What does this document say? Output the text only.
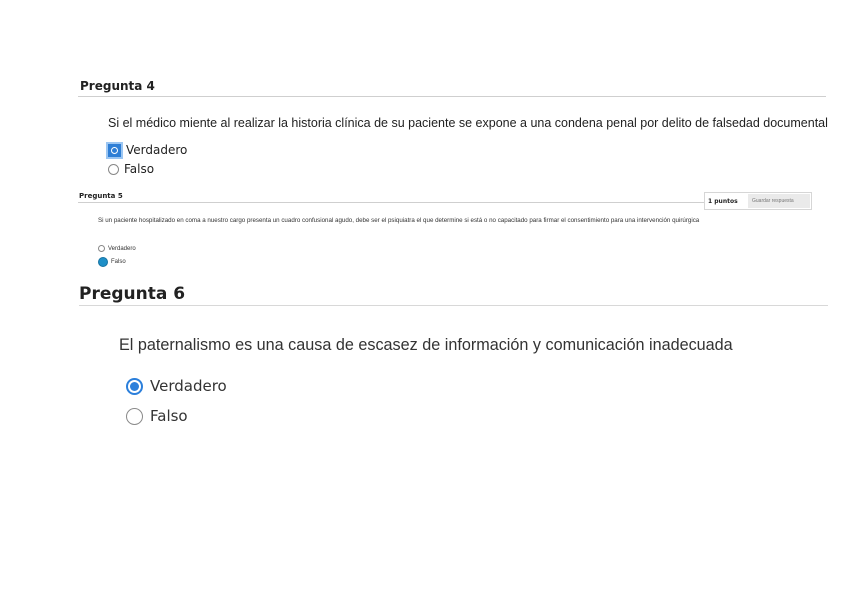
Pregunta 4
Si el médico miente al realizar la historia clínica de su paciente se expone a una condena penal por delito de falsedad documental
Verdadero
Falso
Pregunta 5
1 puntos	Guardar respuesta
Si un paciente hospitalizado en coma a nuestro cargo presenta un cuadro confusional agudo, debe ser el psiquiatra el que determine si está o no capacitado para firmar el consentimiento para una intervención quirúrgica
Verdadero
Falso
Pregunta 6
El paternalismo es una causa de escasez de información y comunicación inadecuada
Verdadero
Falso
